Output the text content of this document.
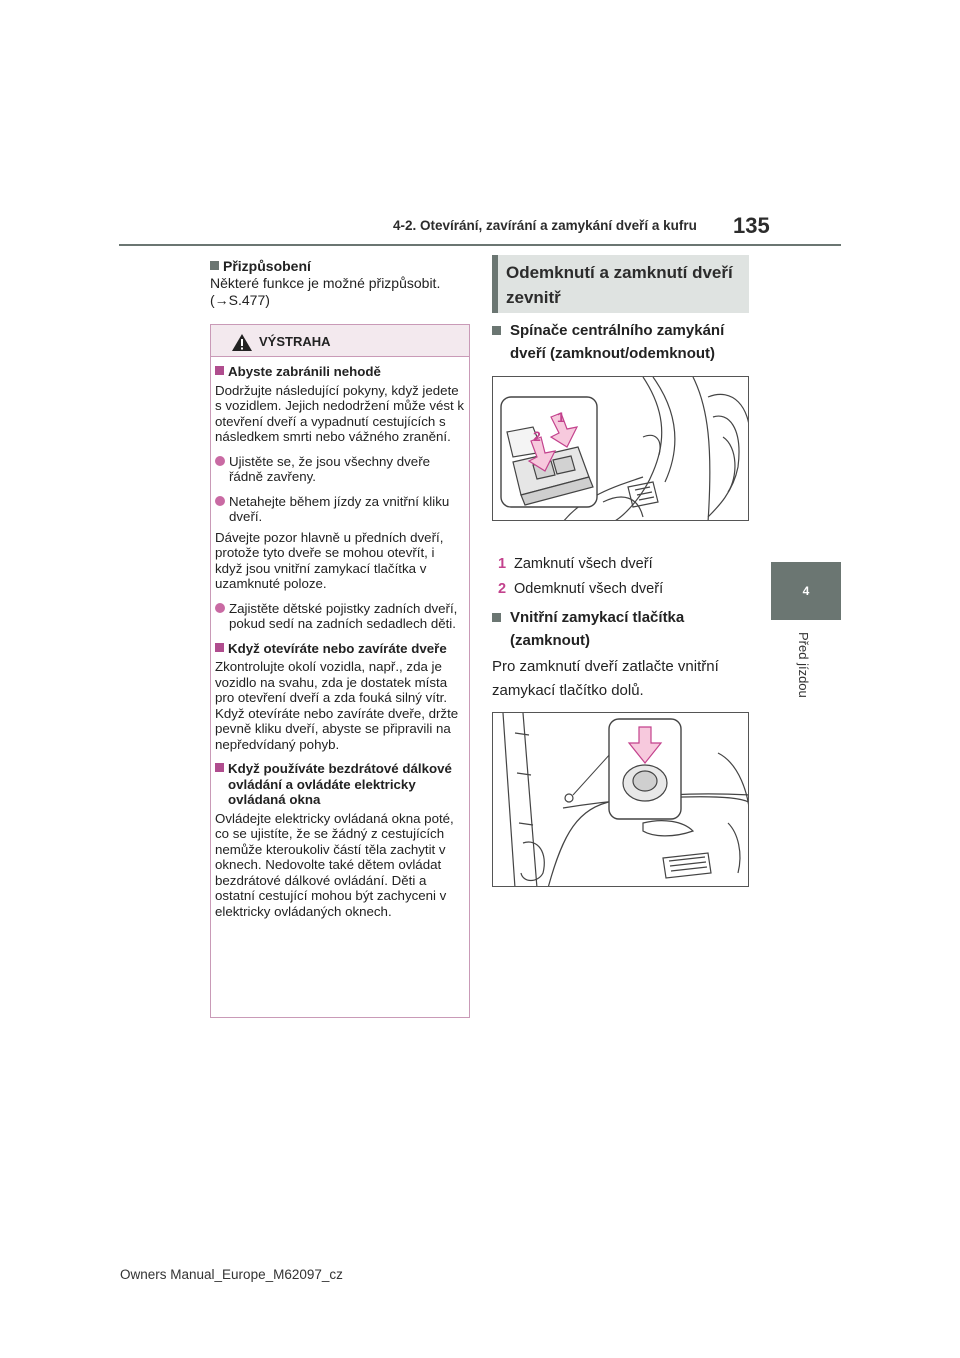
4-2. Otevírání, zavírání a zamykání dveří a kufru 135
4
Před jízdou
Přizpůsobení
Některé funkce je možné přizpůsobit. (→S.477)
VÝSTRAHA
Abyste zabránili nehodě
Dodržujte následující pokyny, když jedete s vozidlem. Jejich nedodržení může vést k otevření dveří a vypadnutí cestujících s následkem smrti nebo vážného zranění.
Ujistěte se, že jsou všechny dveře řádně zavřeny.
Netahejte během jízdy za vnitřní kliku dveří.
Dávejte pozor hlavně u předních dveří, protože tyto dveře se mohou otevřít, i když jsou vnitřní zamykací tlačítka v uzamknuté poloze.
Zajistěte dětské pojistky zadních dveří, pokud sedí na zadních sedadlech děti.
Když otevíráte nebo zavíráte dveře
Zkontrolujte okolí vozidla, např., zda je vozidlo na svahu, zda je dostatek místa pro otevření dveří a zda fouká silný vítr. Když otevíráte nebo zavíráte dveře, držte pevně kliku dveří, abyste se připravili na nepředvídaný pohyb.
Když používáte bezdrátové dálkové ovládání a ovládáte elektricky ovládaná okna
Ovládejte elektricky ovládaná okna poté, co se ujistíte, že se žádný z cestujících nemůže kteroukoliv částí těla zachytit v oknech. Nedovolte také dětem ovládat bezdrátové dálkové ovládání. Děti a ostatní cestující mohou být zachyceni v elektricky ovládaných oknech.
Odemknutí a zamknutí dveří zevnitř
Spínače centrálního zamykání dveří (zamknout/odemknout)
1
2
1 Zamknutí všech dveří
2 Odemknutí všech dveří
Vnitřní zamykací tlačítka (zamknout)
Pro zamknutí dveří zatlačte vnitřní zamykací tlačítko dolů.
Owners Manual_Europe_M62097_cz
